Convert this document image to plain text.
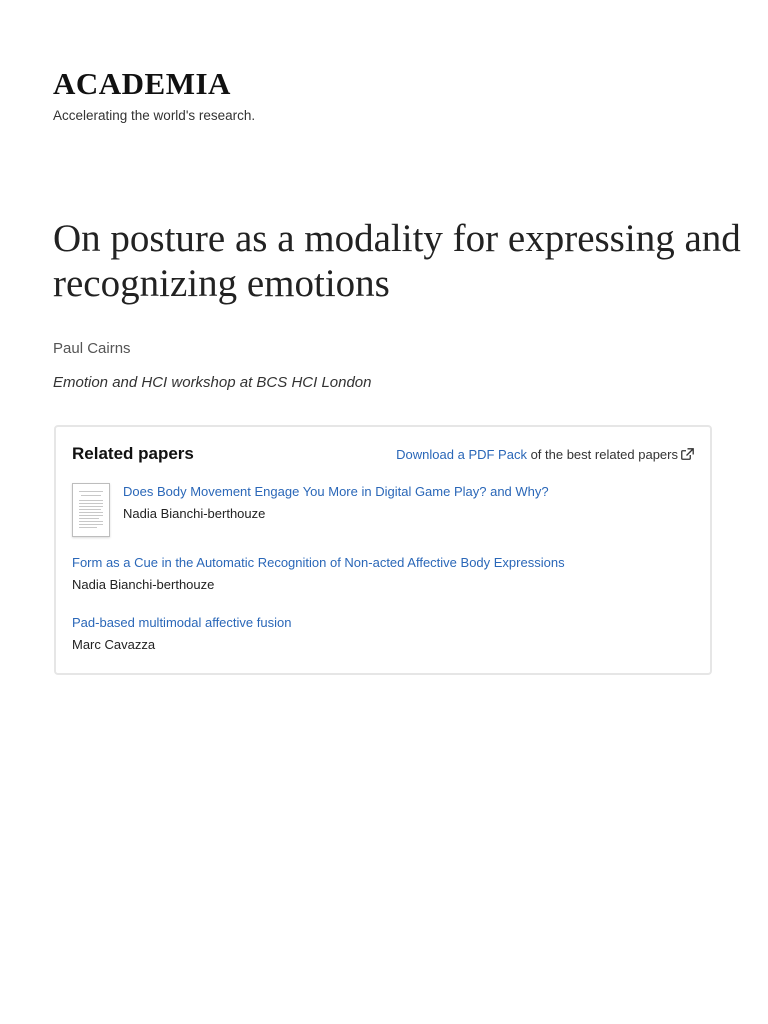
ACADEMIA
Accelerating the world's research.
On posture as a modality for expressing and recognizing emotions
Paul Cairns
Emotion and HCI workshop at BCS HCI London
Related papers	Download a PDF Pack of the best related papers
Does Body Movement Engage You More in Digital Game Play? and Why?
Nadia Bianchi-berthouze
Form as a Cue in the Automatic Recognition of Non-acted Affective Body Expressions
Nadia Bianchi-berthouze
Pad-based multimodal affective fusion
Marc Cavazza
